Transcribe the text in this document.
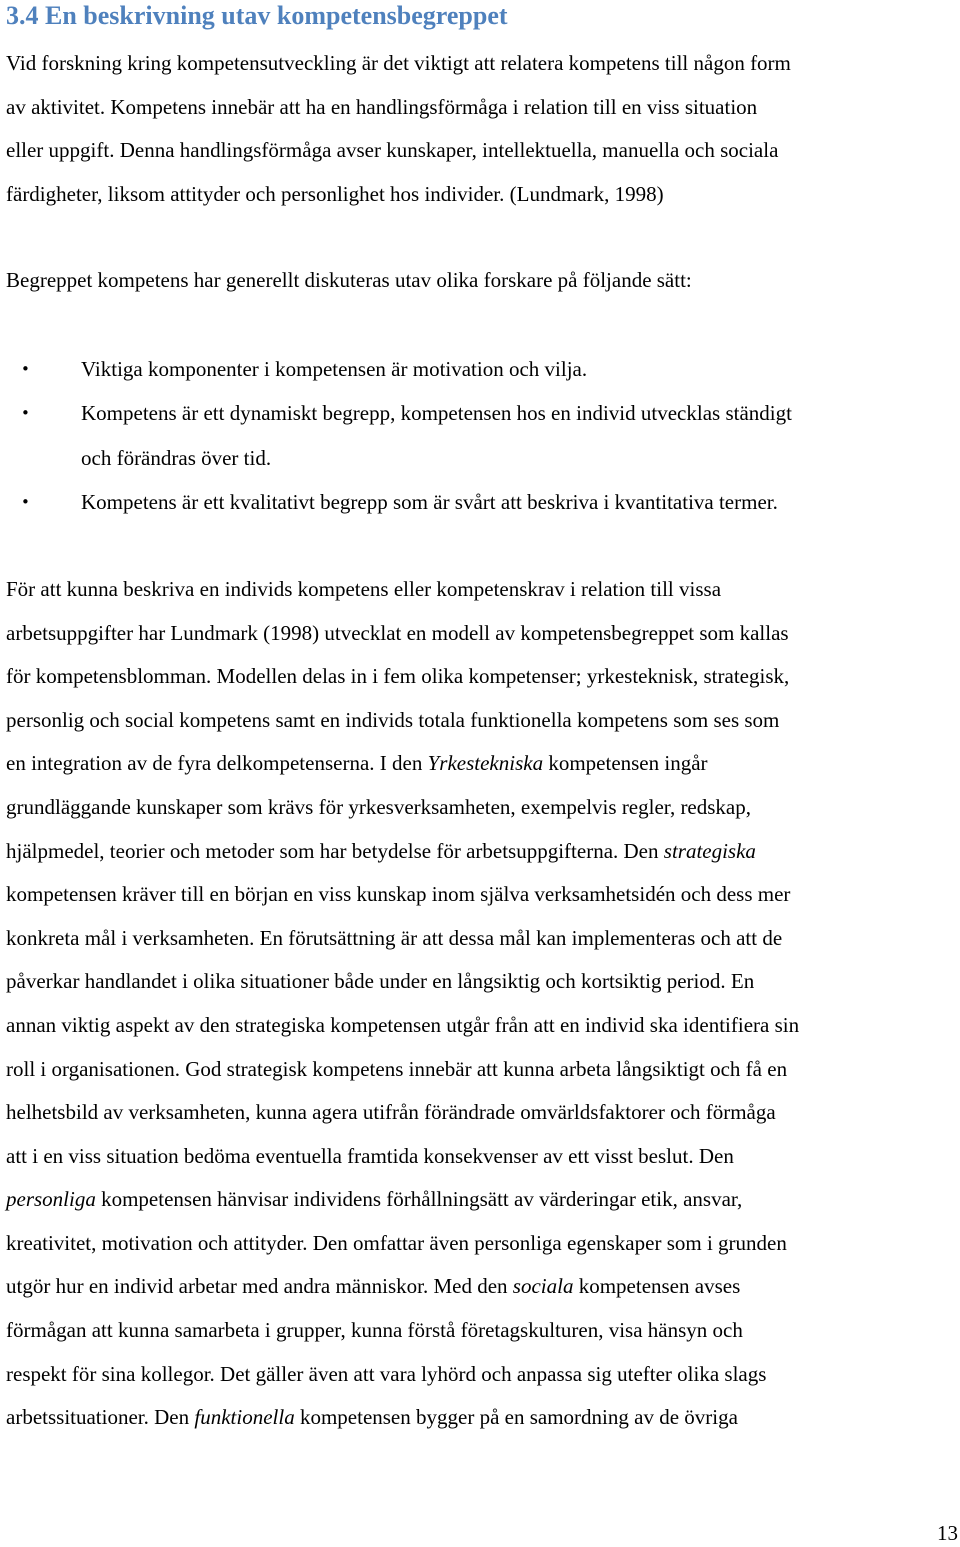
3.4 En beskrivning utav kompetensbegreppet

Vid forskning kring kompetensutveckling är det viktigt att relatera kompetens till någon form
av aktivitet. Kompetens innebär att ha en handlingsförmåga i relation till en viss situation
eller uppgift. Denna handlingsförmåga avser kunskaper, intellektuella, manuella och sociala
färdigheter, liksom attityder och personlighet hos individer. (Lundmark, 1998)

Begreppet kompetens har generellt diskuteras utav olika forskare på följande sätt:

• Viktiga komponenter i kompetensen är motivation och vilja.
• Kompetens är ett dynamiskt begrepp, kompetensen hos en individ utvecklas ständigt
och förändras över tid.
• Kompetens är ett kvalitativt begrepp som är svårt att beskriva i kvantitativa termer.

För att kunna beskriva en individs kompetens eller kompetenskrav i relation till vissa
arbetsuppgifter har Lundmark (1998) utvecklat en modell av kompetensbegreppet som kallas
för kompetensblomman. Modellen delas in i fem olika kompetenser; yrkesteknisk, strategisk,
personlig och social kompetens samt en individs totala funktionella kompetens som ses som
en integration av de fyra delkompetenserna. I den Yrkestekniska kompetensen ingår
grundläggande kunskaper som krävs för yrkesverksamheten, exempelvis regler, redskap,
hjälpmedel, teorier och metoder som har betydelse för arbetsuppgifterna. Den strategiska
kompetensen kräver till en början en viss kunskap inom själva verksamhetsidén och dess mer
konkreta mål i verksamheten. En förutsättning är att dessa mål kan implementeras och att de
påverkar handlandet i olika situationer både under en långsiktig och kortsiktig period. En
annan viktig aspekt av den strategiska kompetensen utgår från att en individ ska identifiera sin
roll i organisationen. God strategisk kompetens innebär att kunna arbeta långsiktigt och få en
helhetsbild av verksamheten, kunna agera utifrån förändrade omvärldsfaktorer och förmåga
att i en viss situation bedöma eventuella framtida konsekvenser av ett visst beslut. Den
personliga kompetensen hänvisar individens förhållningsätt av värderingar etik, ansvar,
kreativitet, motivation och attityder. Den omfattar även personliga egenskaper som i grunden
utgör hur en individ arbetar med andra människor. Med den sociala kompetensen avses
förmågan att kunna samarbeta i grupper, kunna förstå företagskulturen, visa hänsyn och
respekt för sina kollegor. Det gäller även att vara lyhörd och anpassa sig utefter olika slags
arbetssituationer. Den funktionella kompetensen bygger på en samordning av de övriga

13
